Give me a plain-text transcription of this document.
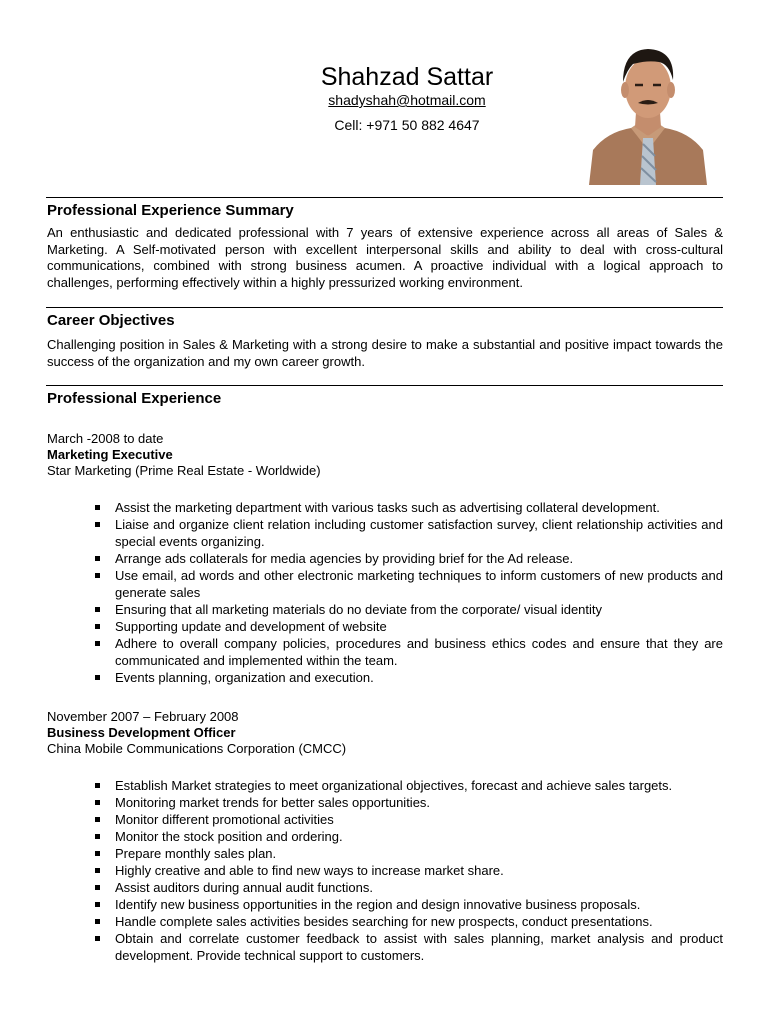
Shahzad Sattar
shadyshah@hotmail.com
Cell: +971 50 882 4647
Professional Experience Summary
An enthusiastic and dedicated professional with 7 years of extensive experience across all areas of Sales & Marketing. A Self-motivated person with excellent interpersonal skills and ability to deal with cross-cultural communications, combined with strong business acumen. A proactive individual with a logical approach to challenges, performing effectively within a highly pressurized working environment.
Career Objectives
Challenging position in Sales & Marketing with a strong desire to make a substantial and positive impact towards the success of the organization and my own career growth.
Professional Experience
March -2008 to date
Marketing Executive
Star Marketing (Prime Real Estate - Worldwide)
Assist the marketing department with various tasks such as advertising collateral development.
Liaise and organize client relation including customer satisfaction survey, client relationship activities and special events organizing.
Arrange ads collaterals for media agencies by providing brief for the Ad release.
Use email, ad words and other electronic marketing techniques to inform customers of new products and generate sales
Ensuring that all marketing materials do no deviate from the corporate/ visual identity
Supporting update and development of website
Adhere to overall company policies, procedures and business ethics codes and ensure that they are communicated and implemented within the team.
Events planning, organization and execution.
November 2007 – February 2008
Business Development Officer
China Mobile Communications Corporation (CMCC)
Establish Market strategies to meet organizational objectives, forecast and achieve sales targets.
Monitoring market trends for better sales opportunities.
Monitor different promotional activities
Monitor the stock position and ordering.
Prepare monthly sales plan.
Highly creative and able to find new ways to increase market share.
Assist auditors during annual audit functions.
Identify new business opportunities in the region and design innovative business proposals.
Handle complete sales activities besides searching for new prospects, conduct presentations.
Obtain and correlate customer feedback to assist with sales planning, market analysis and product development. Provide technical support to customers.
